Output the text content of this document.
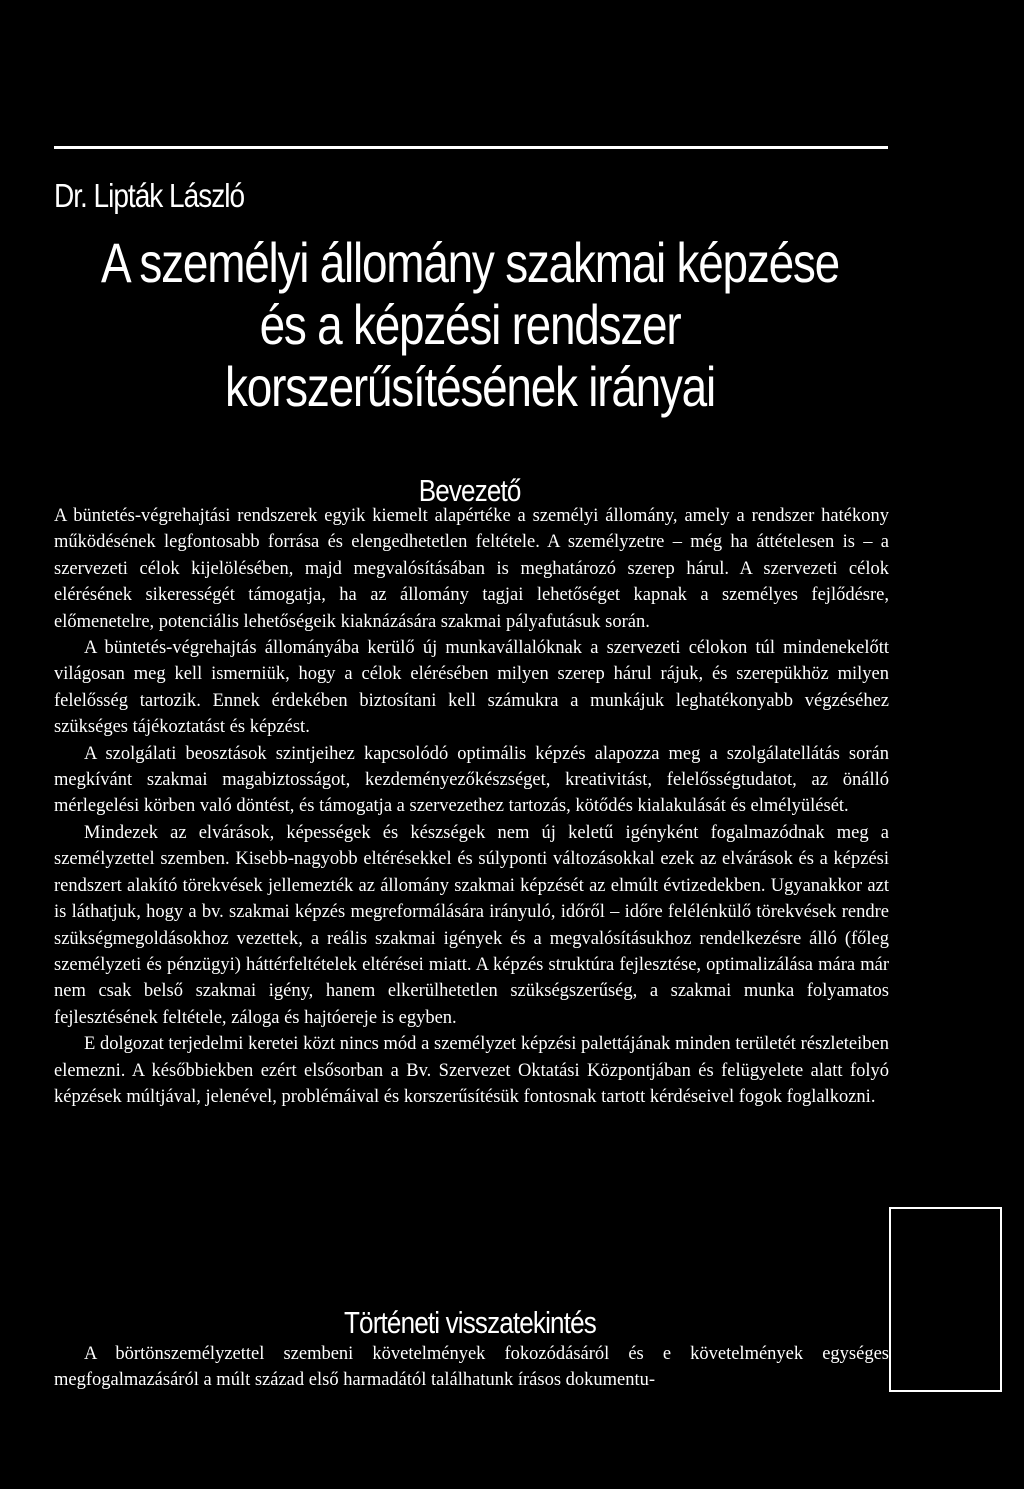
Dr. Lipták László
A személyi állomány szakmai képzése
és a képzési rendszer
korszerűsítésének irányai
Bevezető

A büntetés-végrehajtási rendszerek egyik kiemelt alapértéke a személyi állomány, amely a rendszer hatékony működésének legfontosabb forrása és elengedhetetlen feltétele. A személyzetre – még ha áttételesen is – a szervezeti célok kijelölésében, majd megvalósításában is meghatározó szerep hárul. A szervezeti célok elérésének sikerességét támogatja, ha az állomány tagjai lehetőséget kapnak a személyes fejlődésre, előmenetelre, potenciális lehetőségeik kiaknázására szakmai pályafutásuk során.

A büntetés-végrehajtás állományába kerülő új munkavállalóknak a szervezeti célokon túl mindenekelőtt világosan meg kell ismerniük, hogy a célok elérésében milyen szerep hárul rájuk, és szerepükhöz milyen felelősség tartozik. Ennek érdekében biztosítani kell számukra a munkájuk leghatékonyabb végzéséhez szükséges tájékoztatást és képzést.

A szolgálati beosztások szintjeihez kapcsolódó optimális képzés alapozza meg a szolgálatellátás során megkívánt szakmai magabiztosságot, kezdeményezőkészséget, kreativitást, felelősségtudatot, az önálló mérlegelési körben való döntést, és támogatja a szervezethez tartozás, kötődés kialakulását és elmélyülését.

Mindezek az elvárások, képességek és készségek nem új keletű igényként fogalmazódnak meg a személyzettel szemben. Kisebb-nagyobb eltérésekkel és súlyponti változásokkal ezek az elvárások és a képzési rendszert alakító törekvések jellemezték az állomány szakmai képzését az elmúlt évtizedekben. Ugyanakkor azt is láthatjuk, hogy a bv. szakmai képzés megreformálására irányuló, időről – időre felélénkülő törekvések rendre szükségmegoldásokhoz vezettek, a reális szakmai igények és a megvalósításukhoz rendelkezésre álló (főleg személyzeti és pénzügyi) háttérfeltételek eltérései miatt. A képzés struktúra fejlesztése, optimalizálása mára már nem csak belső szakmai igény, hanem elkerülhetetlen szükségszerűség, a szakmai munka folyamatos fejlesztésének feltétele, záloga és hajtóereje is egyben.

E dolgozat terjedelmi keretei közt nincs mód a személyzet képzési palettájának minden területét részleteiben elemezni. A későbbiekben ezért elsősorban a Bv. Szervezet Oktatási Központjában és felügyelete alatt folyó képzések múltjával, jelenével, problémáival és korszerűsítésük fontosnak tartott kérdéseivel fogok foglalkozni.

Történeti visszatekintés

A börtönszemélyzettel szembeni követelmények fokozódásáról és e követelmények egységes megfogalmazásáról a múlt század első harmadától találhatunk írásos dokumentu-
